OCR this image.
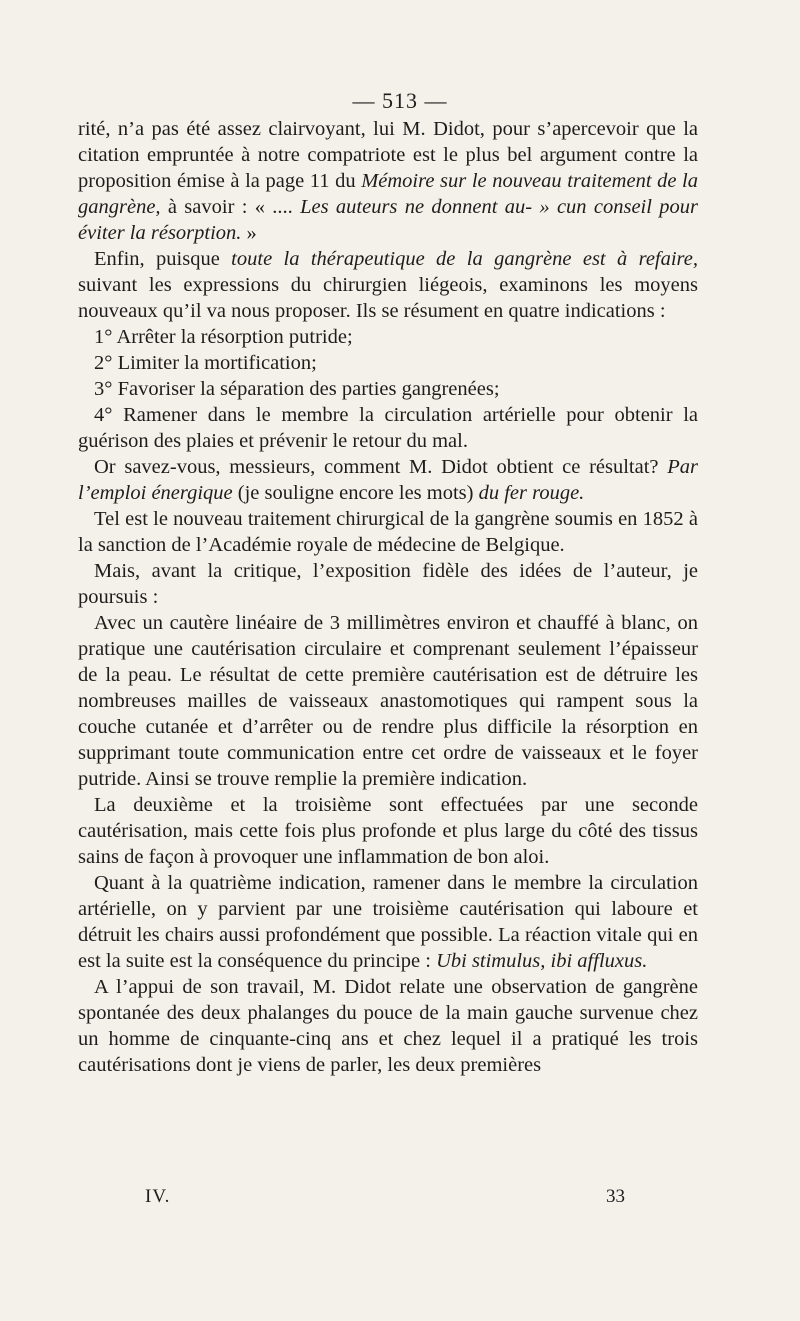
— 513 —

rité, n’a pas été assez clairvoyant, lui M. Didot, pour s’apercevoir que la citation empruntée à notre compatriote est le plus bel argument contre la proposition émise à la page 11 du Mémoire sur le nouveau traitement de la gangrène, à savoir : « .... Les auteurs ne donnent au- » cun conseil pour éviter la résorption. »

Enfin, puisque toute la thérapeutique de la gangrène est à refaire, suivant les expressions du chirurgien liégeois, examinons les moyens nouveaux qu’il va nous proposer. Ils se résument en quatre indications :

1° Arrêter la résorption putride;

2° Limiter la mortification;

3° Favoriser la séparation des parties gangrenées;

4° Ramener dans le membre la circulation artérielle pour obtenir la guérison des plaies et prévenir le retour du mal.

Or savez-vous, messieurs, comment M. Didot obtient ce résultat? Par l’emploi énergique (je souligne encore les mots) du fer rouge.

Tel est le nouveau traitement chirurgical de la gangrène soumis en 1852 à la sanction de l’Académie royale de médecine de Belgique.

Mais, avant la critique, l’exposition fidèle des idées de l’auteur, je poursuis :

Avec un cautère linéaire de 3 millimètres environ et chauffé à blanc, on pratique une cautérisation circulaire et comprenant seulement l’épaisseur de la peau. Le résultat de cette première cautérisation est de détruire les nombreuses mailles de vaisseaux anastomotiques qui rampent sous la couche cutanée et d’arrêter ou de rendre plus difficile la résorption en supprimant toute communication entre cet ordre de vaisseaux et le foyer putride. Ainsi se trouve remplie la première indication.

La deuxième et la troisième sont effectuées par une seconde cautérisation, mais cette fois plus profonde et plus large du côté des tissus sains de façon à provoquer une inflammation de bon aloi.

Quant à la quatrième indication, ramener dans le membre la circulation artérielle, on y parvient par une troisième cautérisation qui laboure et détruit les chairs aussi profondément que possible. La réaction vitale qui en est la suite est la conséquence du principe : Ubi stimulus, ibi affluxus.

A l’appui de son travail, M. Didot relate une observation de gangrène spontanée des deux phalanges du pouce de la main gauche survenue chez un homme de cinquante-cinq ans et chez lequel il a pratiqué les trois cautérisations dont je viens de parler, les deux premières

IV.	33
